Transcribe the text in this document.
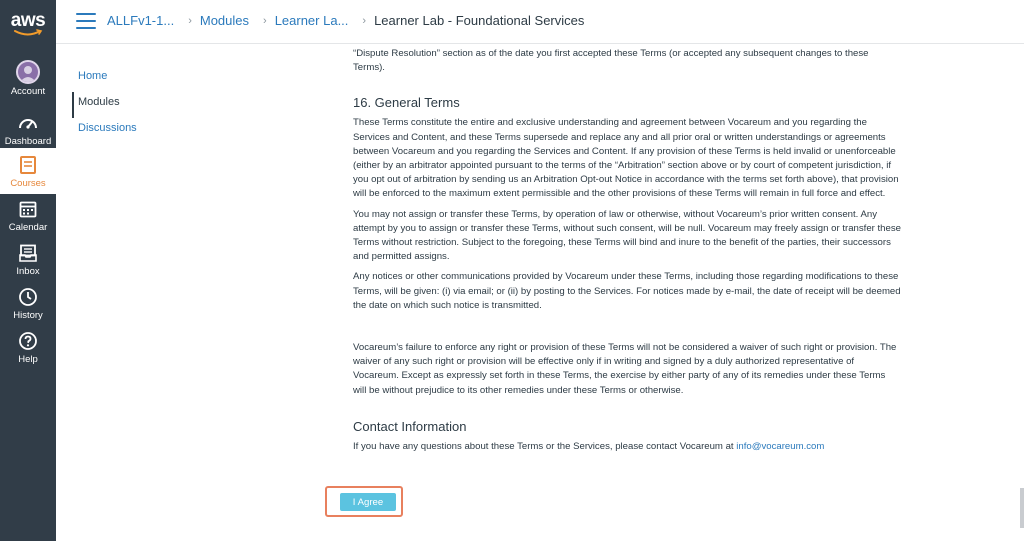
aws
Account
Dashboard
Courses
Calendar
Inbox
History
Help
ALLFv1-1... › Modules › Learner La... › Learner Lab - Foundational Services
Home
Modules
Discussions

“Dispute Resolution” section as of the date you first accepted these Terms (or accepted any subsequent changes to these Terms).

16. General Terms

These Terms constitute the entire and exclusive understanding and agreement between Vocareum and you regarding the Services and Content, and these Terms supersede and replace any and all prior oral or written understandings or agreements between Vocareum and you regarding the Services and Content. If any provision of these Terms is held invalid or unenforceable (either by an arbitrator appointed pursuant to the terms of the “Arbitration” section above or by court of competent jurisdiction, if you opt out of arbitration by sending us an Arbitration Opt-out Notice in accordance with the terms set forth above), that provision will be enforced to the maximum extent permissible and the other provisions of these Terms will remain in full force and effect.

You may not assign or transfer these Terms, by operation of law or otherwise, without Vocareum’s prior written consent. Any attempt by you to assign or transfer these Terms, without such consent, will be null. Vocareum may freely assign or transfer these Terms without restriction. Subject to the foregoing, these Terms will bind and inure to the benefit of the parties, their successors and permitted assigns.

Any notices or other communications provided by Vocareum under these Terms, including those regarding modifications to these Terms, will be given: (i) via email; or (ii) by posting to the Services. For notices made by e-mail, the date of receipt will be deemed the date on which such notice is transmitted.

Vocareum’s failure to enforce any right or provision of these Terms will not be considered a waiver of such right or provision. The waiver of any such right or provision will be effective only if in writing and signed by a duly authorized representative of Vocareum. Except as expressly set forth in these Terms, the exercise by either party of any of its remedies under these Terms will be without prejudice to its other remedies under these Terms or otherwise.

Contact Information

If you have any questions about these Terms or the Services, please contact Vocareum at info@vocareum.com

I Agree
